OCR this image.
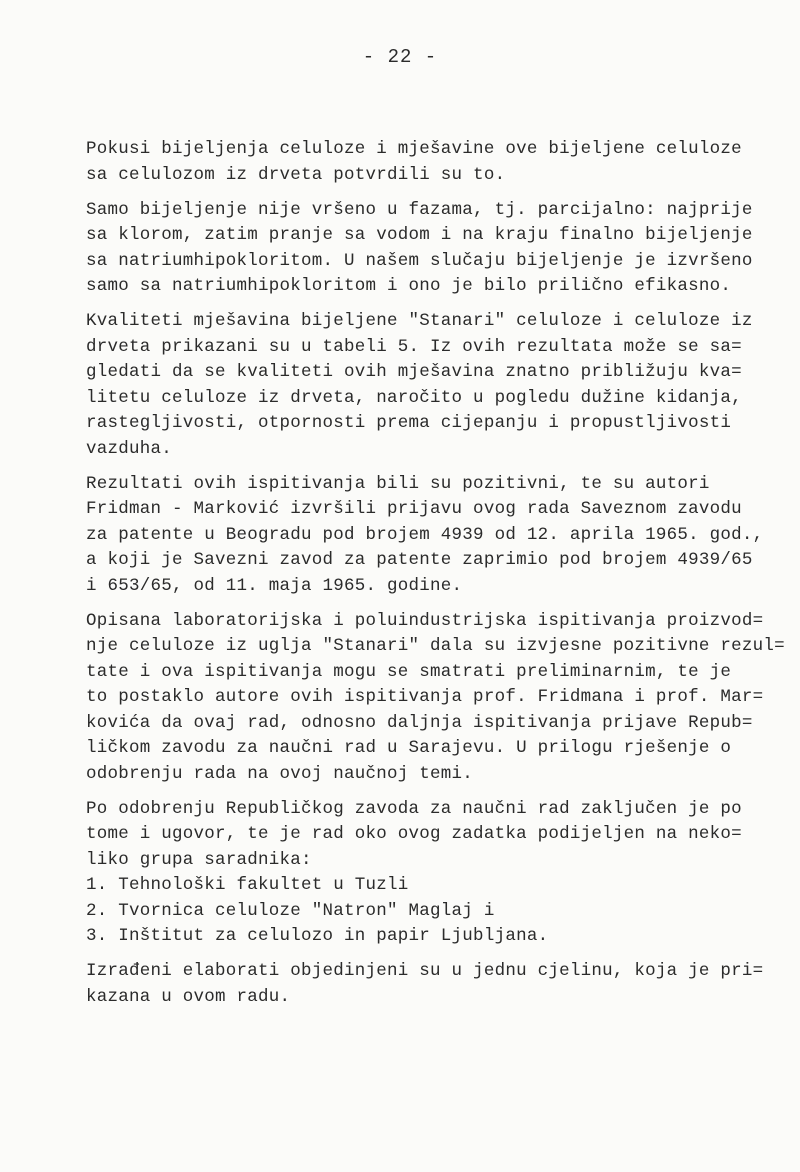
- 22 -
Pokusi bijeljenja celuloze i mješavine ove bijeljene celuloze
sa celulozom iz drveta potvrdili su to.
Samo bijeljenje nije vršeno u fazama, tj. parcijalno: najprije
sa klorom, zatim pranje sa vodom i na kraju finalno bijeljenje
sa natriumhipokloritom. U našem slučaju bijeljenje je izvršeno
samo sa natriumhipokloritom i ono je bilo prilično efikasno.
Kvaliteti mješavina bijeljene "Stanari" celuloze i celuloze iz
drveta prikazani su u tabeli 5. Iz ovih rezultata može se sa=
gledati da se kvaliteti ovih mješavina znatno približuju kva=
litetu celuloze iz drveta, naročito u pogledu dužine kidanja,
rastegljivosti, otpornosti prema cijepanju i propustljivosti
vazduha.
Rezultati ovih ispitivanja bili su pozitivni, te su autori
Fridman - Marković izvršili prijavu ovog rada Saveznom zavodu
za patente u Beogradu pod brojem 4939 od 12. aprila 1965. god.,
a koji je Savezni zavod za patente zaprimio pod brojem 4939/65
i 653/65, od 11. maja 1965. godine.
Opisana laboratorijska i poluindustrijska ispitivanja proizvod=
nje celuloze iz uglja "Stanari" dala su izvjesne pozitivne rezul=
tate i ova ispitivanja mogu se smatrati preliminarnim, te je
to postaklo autore ovih ispitivanja prof. Fridmana i prof. Mar=
kovića da ovaj rad, odnosno daljnja ispitivanja prijave Repub=
ličkom zavodu za naučni rad u Sarajevu. U prilogu rješenje o
odobrenju rada na ovoj naučnoj temi.
Po odobrenju Republičkog zavoda za naučni rad zaključen je po
tome i ugovor, te je rad oko ovog zadatka podijeljen na neko=
liko grupa saradnika:
1. Tehnološki fakultet u Tuzli
2. Tvornica celuloze "Natron" Maglaj i
3. Inštitut za celulozo in papir Ljubljana.
Izrađeni elaborati objedinjeni su u jednu cjelinu, koja je pri=
kazana u ovom radu.
